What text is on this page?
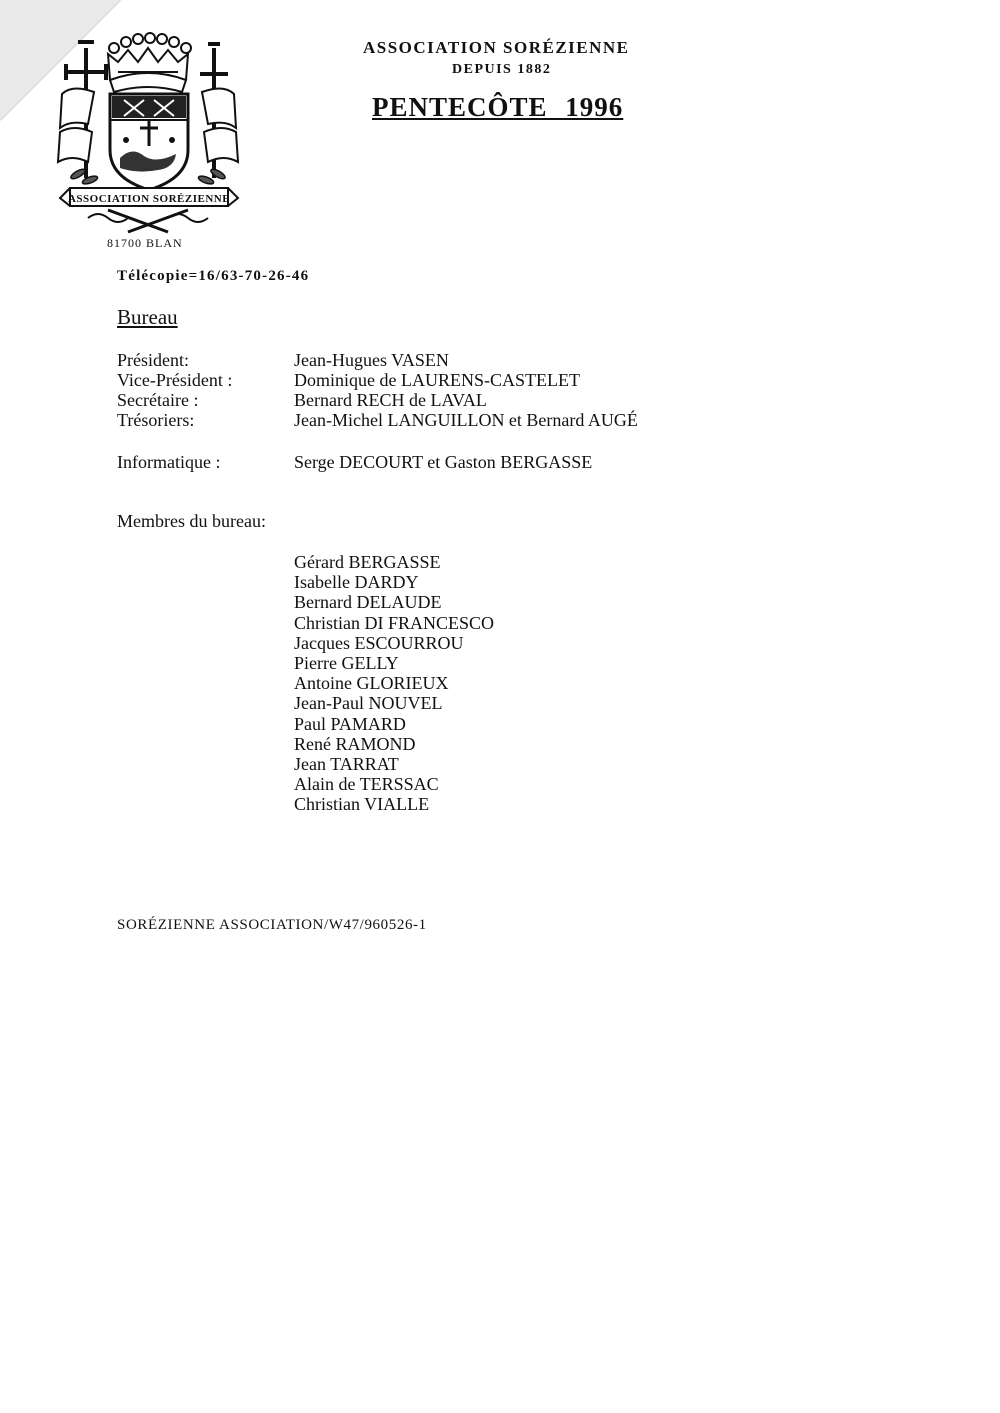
ASSOCIATION SORÉZIENNE
81700 BLAN
ASSOCIATION SORÉZIENNE
DEPUIS 1882
PENTECÔTE 1996
Télécopie=16/63-70-26-46
Bureau
Président:	Jean-Hugues VASEN
Vice-Président :	Dominique de LAURENS-CASTELET
Secrétaire :	Bernard RECH de LAVAL
Trésoriers:	Jean-Michel LANGUILLON et Bernard AUGÉ
Informatique :	Serge DECOURT et Gaston BERGASSE
Membres du bureau:
Gérard BERGASSE
Isabelle DARDY
Bernard DELAUDE
Christian DI FRANCESCO
Jacques ESCOURROU
Pierre GELLY
Antoine GLORIEUX
Jean-Paul NOUVEL
Paul PAMARD
René RAMOND
Jean TARRAT
Alain de TERSSAC
Christian VIALLE
SORÉZIENNE ASSOCIATION/W47/960526-1
